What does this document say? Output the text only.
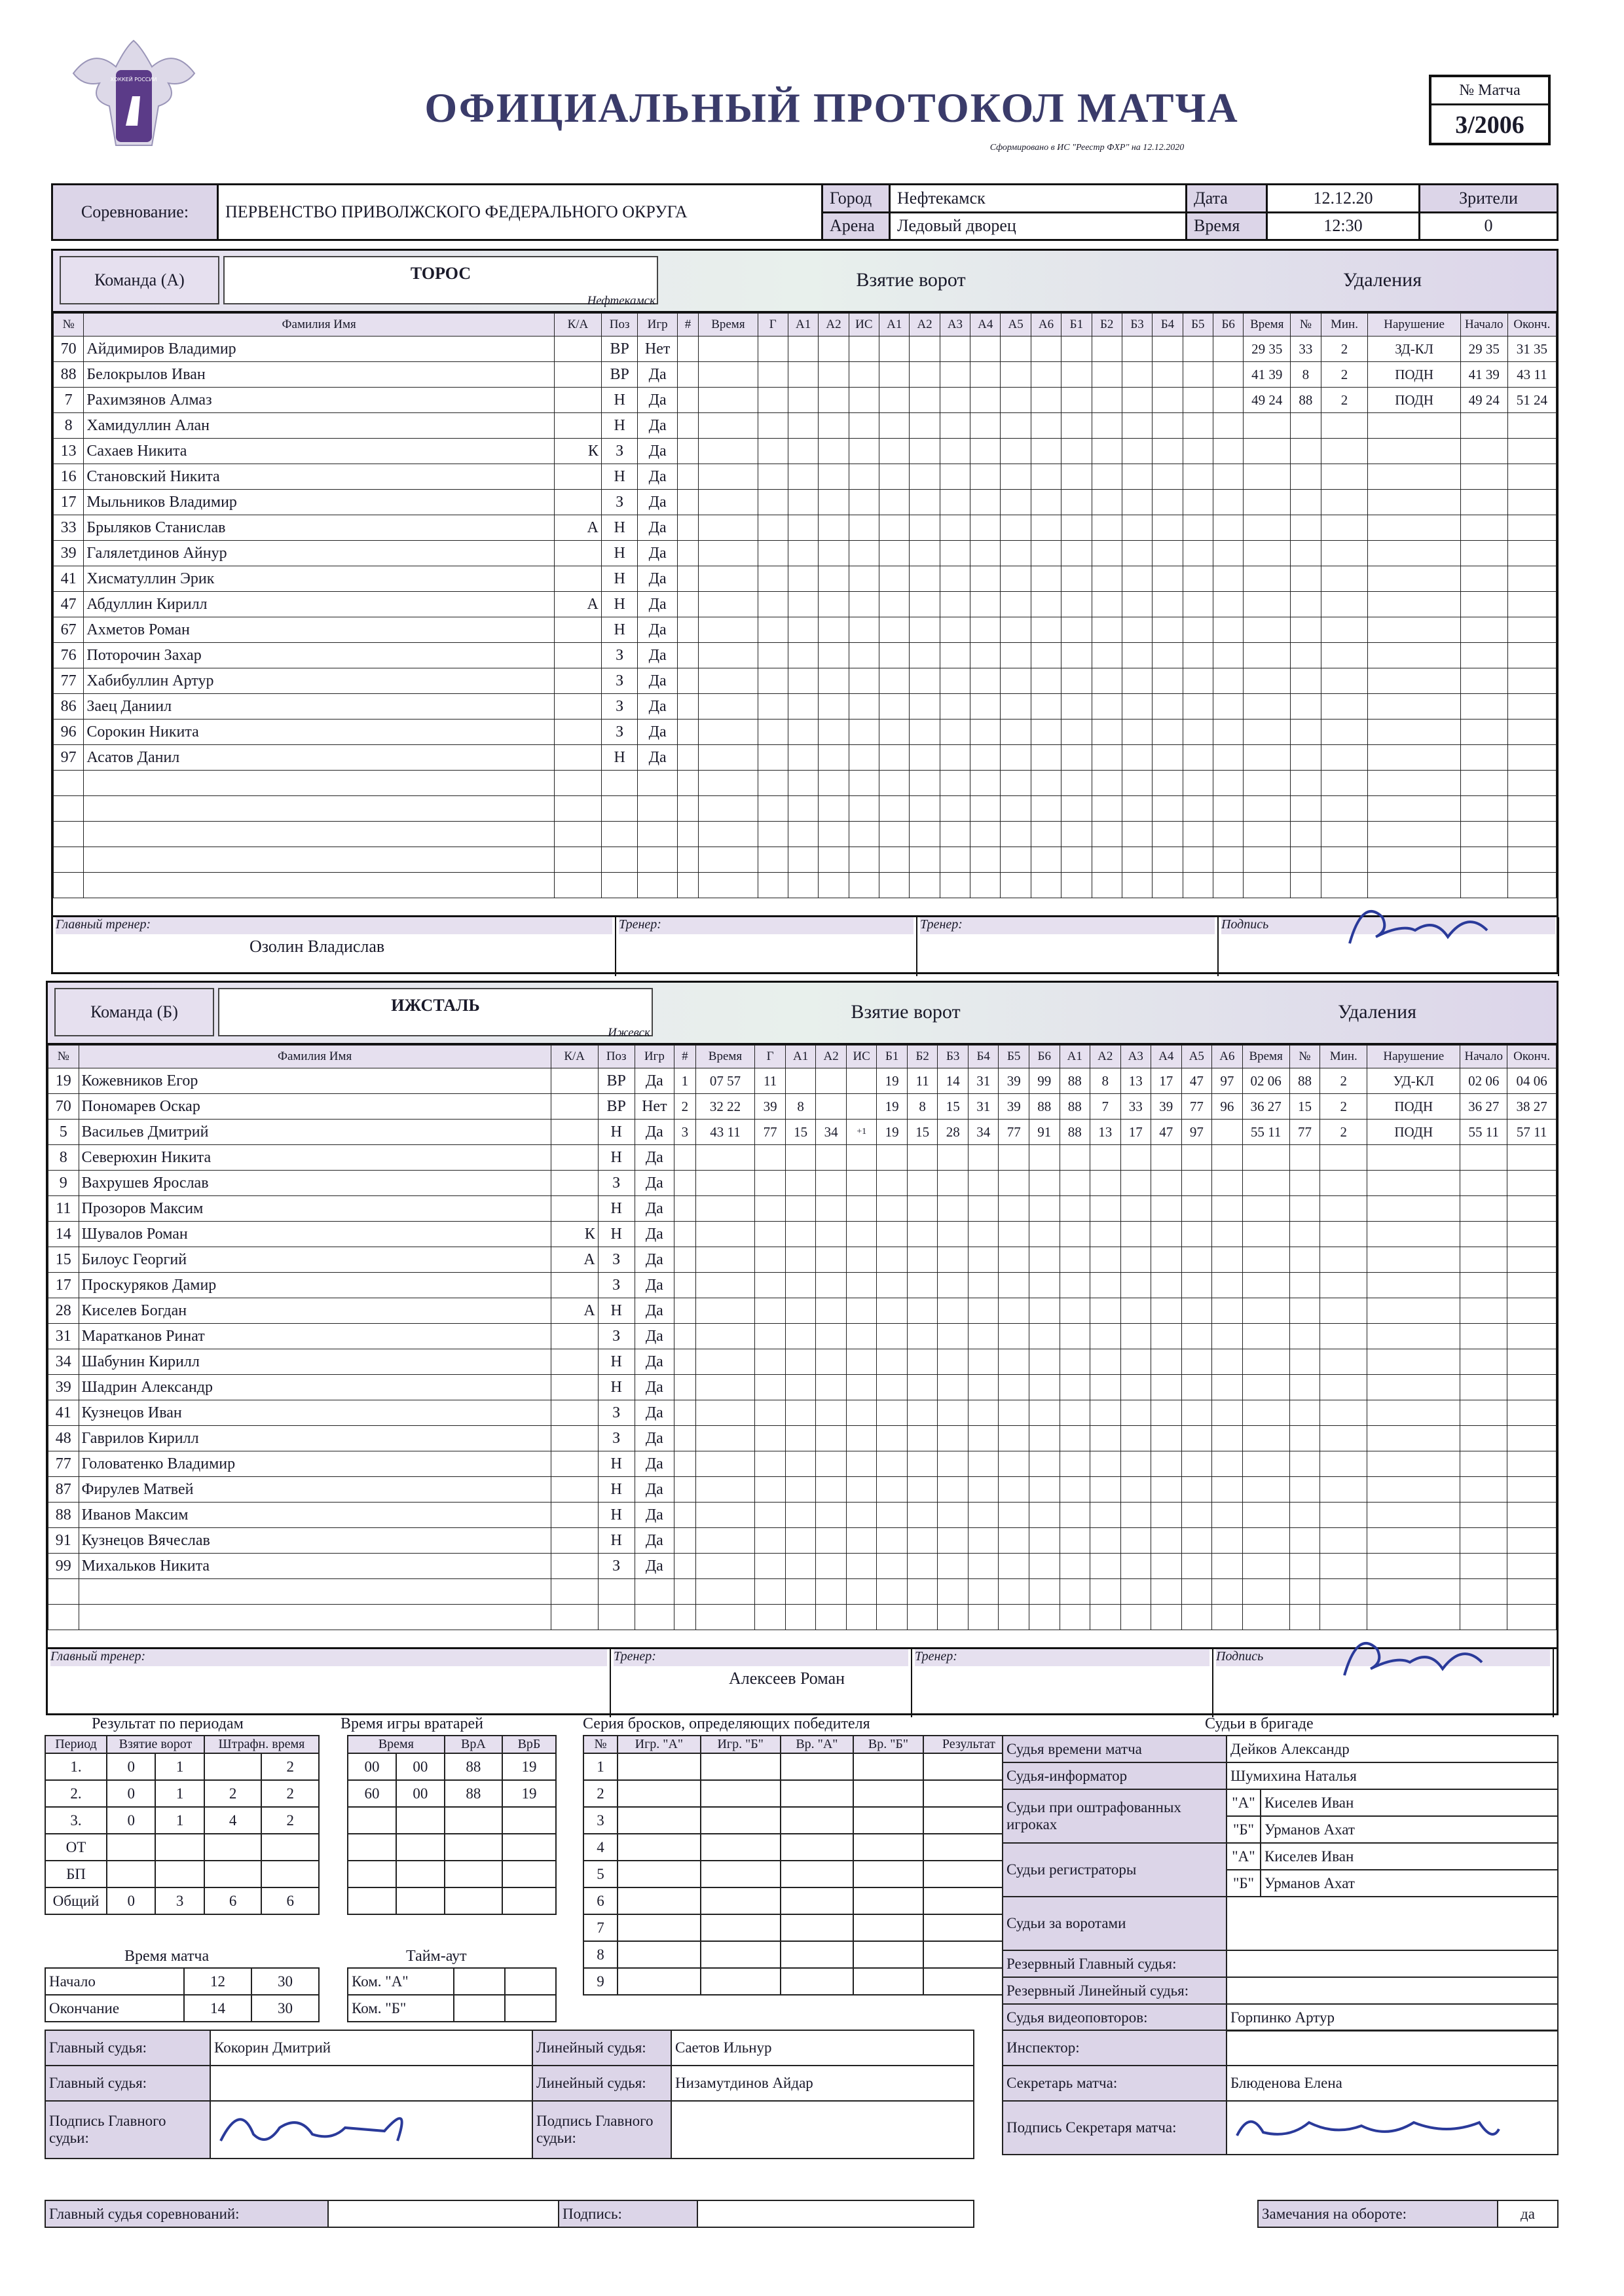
ХОККЕЙ РОССИИ
ОФИЦИАЛЬНЫЙ ПРОТОКОЛ МАТЧА
Сформировано в ИС "Реестр ФХР" на 12.12.2020
№ Матча
3/2006
Соревнование:	ПЕРВЕНСТВО ПРИВОЛЖСКОГО ФЕДЕРАЛЬНОГО ОКРУГА	Город	Нефтекамск	Дата	12.12.20	Зрители
		Арена	Ледовый дворец	Время	12:30	0
Команда (А)	ТОРОС
Нефтекамск
Взятие ворот	Удаления
№	Фамилия Имя	К/А	Поз	Игр	#	Время	Г	А1	А2	ИС	А1	А2	А3	А4	А5	А6	Б1	Б2	Б3	Б4	Б5	Б6	Время	№	Мин.	Нарушение	Начало	Оконч.
70	Айдимиров Владимир		ВР	Нет																			29 35	33	2	ЗД-КЛ	29 35	31 35
88	Белокрылов Иван		ВР	Да																			41 39	8	2	ПОДН	41 39	43 11
7	Рахимзянов Алмаз		Н	Да																			49 24	88	2	ПОДН	49 24	51 24
8	Хамидуллин Алан		Н	Да																								
13	Сахаев Никита	К	З	Да																								
16	Становский Никита		Н	Да																								
17	Мыльников Владимир		З	Да																								
33	Брыляков Станислав	А	Н	Да																								
39	Галялетдинов Айнур		Н	Да																								
41	Хисматуллин Эрик		Н	Да																								
47	Абдуллин Кирилл	А	Н	Да																								
67	Ахметов Роман		Н	Да																								
76	Поторочин Захар		З	Да																								
77	Хабибуллин Артур		З	Да																								
86	Заец Даниил		З	Да																								
96	Сорокин Никита		З	Да																								
97	Асатов Данил		Н	Да																								

Главный тренер:	Тренер:	Тренер:	Подпись
Озолин Владислав
Команда (Б)	ИЖСТАЛЬ
Ижевск
Взятие ворот	Удаления
№	Фамилия Имя	К/А	Поз	Игр	#	Время	Г	А1	А2	ИС	Б1	Б2	Б3	Б4	Б5	Б6	А1	А2	А3	А4	А5	А6	Время	№	Мин.	Нарушение	Начало	Оконч.
19	Кожевников Егор		ВР	Да	1	07 57	11				19	11	14	31	39	99	88	8	13	17	47	97	02 06	88	2	УД-КЛ	02 06	04 06
70	Пономарев Оскар		ВР	Нет	2	32 22	39	8			19	8	15	31	39	88	88	7	33	39	77	96	36 27	15	2	ПОДН	36 27	38 27
5	Васильев Дмитрий		Н	Да	3	43 11	77	15	34	+1	19	15	28	34	77	91	88	13	17	47	97		55 11	77	2	ПОДН	55 11	57 11
8	Северюхин Никита		Н	Да																								
9	Вахрушев Ярослав		З	Да																								
11	Прозоров Максим		Н	Да																								
14	Шувалов Роман	К	Н	Да																								
15	Билоус Георгий	А	З	Да																								
17	Проскуряков Дамир		З	Да																								
28	Киселев Богдан	А	Н	Да																								
31	Маратканов Ринат		З	Да																								
34	Шабунин Кирилл		Н	Да																								
39	Шадрин Александр		Н	Да																								
41	Кузнецов Иван		З	Да																								
48	Гаврилов Кирилл		З	Да																								
77	Головатенко Владимир		Н	Да																								
87	Фирулев Матвей		Н	Да																								
88	Иванов Максим		Н	Да																								
91	Кузнецов Вячеслав		Н	Да																								
99	Михальков Никита		З	Да																								

Главный тренер:	Тренер:	Тренер:	Подпись
Алексеев Роман
Результат по периодам
Период	Взятие ворот		Штрафн. время	
1.	0	1		2
2.	0	1	2	2
3.	0	1	4	2
ОТ				
БП				
Общий	0	3	6	6
Время игры вратарей
Время		ВрА	ВрБ
00	00	88	19
60	00	88	19

Серия бросков, определяющих победителя
№	Игр. "А"	Игр. "Б"	Вр. "А"	Вр. "Б"	Результат
1					
2					
3					
4					
5					
6					
7					
8					
9					
Время матча
Начало	12	30
Окончание	14	30
Тайм-аут
Ком. "А"		
Ком. "Б"		
Судьи в бригаде
Судья времени матча	Дейков Александр	
Судья-информатор	Шумихина Наталья	
Судьи при оштрафованных игроках	"А"	Киселев Иван
	"Б"	Урманов Ахат
Судьи регистраторы	"А"	Киселев Иван
	"Б"	Урманов Ахат
Судьи за воротами		
Резервный Главный судья:		
Резервный Линейный судья:		
Судья видеоповторов:	Горпинко Артур	
Главный судья:	Кокорин Дмитрий	Линейный судья:	Саетов Ильнур
Главный судья:		Линейный судья:	Низамутдинов Айдар
Подпись Главного судьи:		Подпись Главного судьи:	
Инспектор:	
Секретарь матча:	Блюденова Елена
Подпись Секретаря матча:	
Главный судья соревнований:		Подпись:		Замечания на обороте:	да
